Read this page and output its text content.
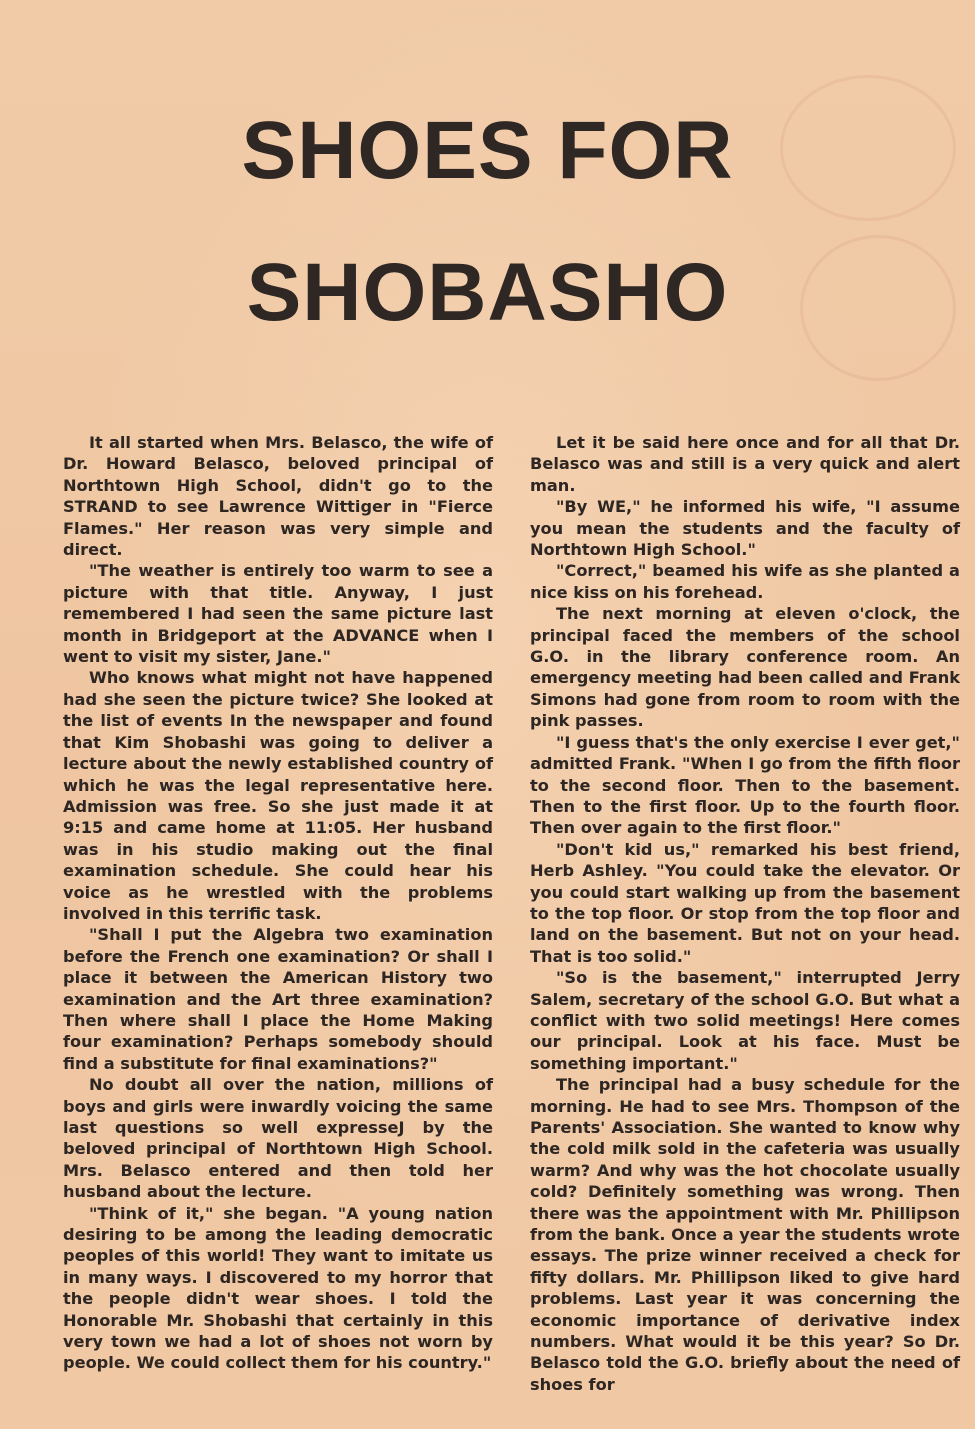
SHOES FOR
SHOBASHO

It all started when Mrs. Belasco, the wife of Dr. Howard Belasco, beloved principal of Northtown High School, didn't go to the STRAND to see Lawrence Wittiger in "Fierce Flames." Her reason was very simple and direct.

"The weather is entirely too warm to see a picture with that title. Anyway, I just remembered I had seen the same picture last month in Bridgeport at the ADVANCE when I went to visit my sister, Jane."

Who knows what might not have happened had she seen the picture twice? She looked at the list of events In the newspaper and found that Kim Shobashi was going to deliver a lecture about the newly established country of which he was the legal representative here. Admission was free. So she just made it at 9:15 and came home at 11:05. Her husband was in his studio making out the final examination schedule. She could hear his voice as he wrestled with the problems involved in this terrific task.

"Shall I put the Algebra two examination before the French one examination? Or shall I place it between the American History two examination and the Art three examination? Then where shall I place the Home Making four examination? Perhaps somebody should find a substitute for final examinations?"

No doubt all over the nation, millions of boys and girls were inwardly voicing the same last questions so well expresseJ by the beloved principal of Northtown High School. Mrs. Belasco entered and then told her husband about the lecture.

"Think of it," she began. "A young nation desiring to be among the leading democratic peoples of this world! They want to imitate us in many ways. I discovered to my horror that the people didn't wear shoes. I told the Honorable Mr. Shobashi that certainly in this very town we had a lot of shoes not worn by people. We could collect them for his country."

Let it be said here once and for all that Dr. Belasco was and still is a very quick and alert man.

"By WE," he informed his wife, "I assume you mean the students and the faculty of Northtown High School."

"Correct," beamed his wife as she planted a nice kiss on his forehead.

The next morning at eleven o'clock, the principal faced the members of the school G.O. in the library conference room. An emergency meeting had been called and Frank Simons had gone from room to room with the pink passes.

"I guess that's the only exercise I ever get," admitted Frank. "When I go from the fifth floor to the second floor. Then to the basement. Then to the first floor. Up to the fourth floor. Then over again to the first floor."

"Don't kid us," remarked his best friend, Herb Ashley. "You could take the elevator. Or you could start walking up from the basement to the top floor. Or stop from the top floor and land on the basement. But not on your head. That is too solid."

"So is the basement," interrupted Jerry Salem, secretary of the school G.O. But what a conflict with two solid meetings! Here comes our principal. Look at his face. Must be something important."

The principal had a busy schedule for the morning. He had to see Mrs. Thompson of the Parents' Association. She wanted to know why the cold milk sold in the cafeteria was usually warm? And why was the hot chocolate usually cold? Definitely something was wrong. Then there was the appointment with Mr. Phillipson from the bank. Once a year the students wrote essays. The prize winner received a check for fifty dollars. Mr. Phillipson liked to give hard problems. Last year it was concerning the economic importance of derivative index numbers. What would it be this year? So Dr. Belasco told the G.O. briefly about the need of shoes for
